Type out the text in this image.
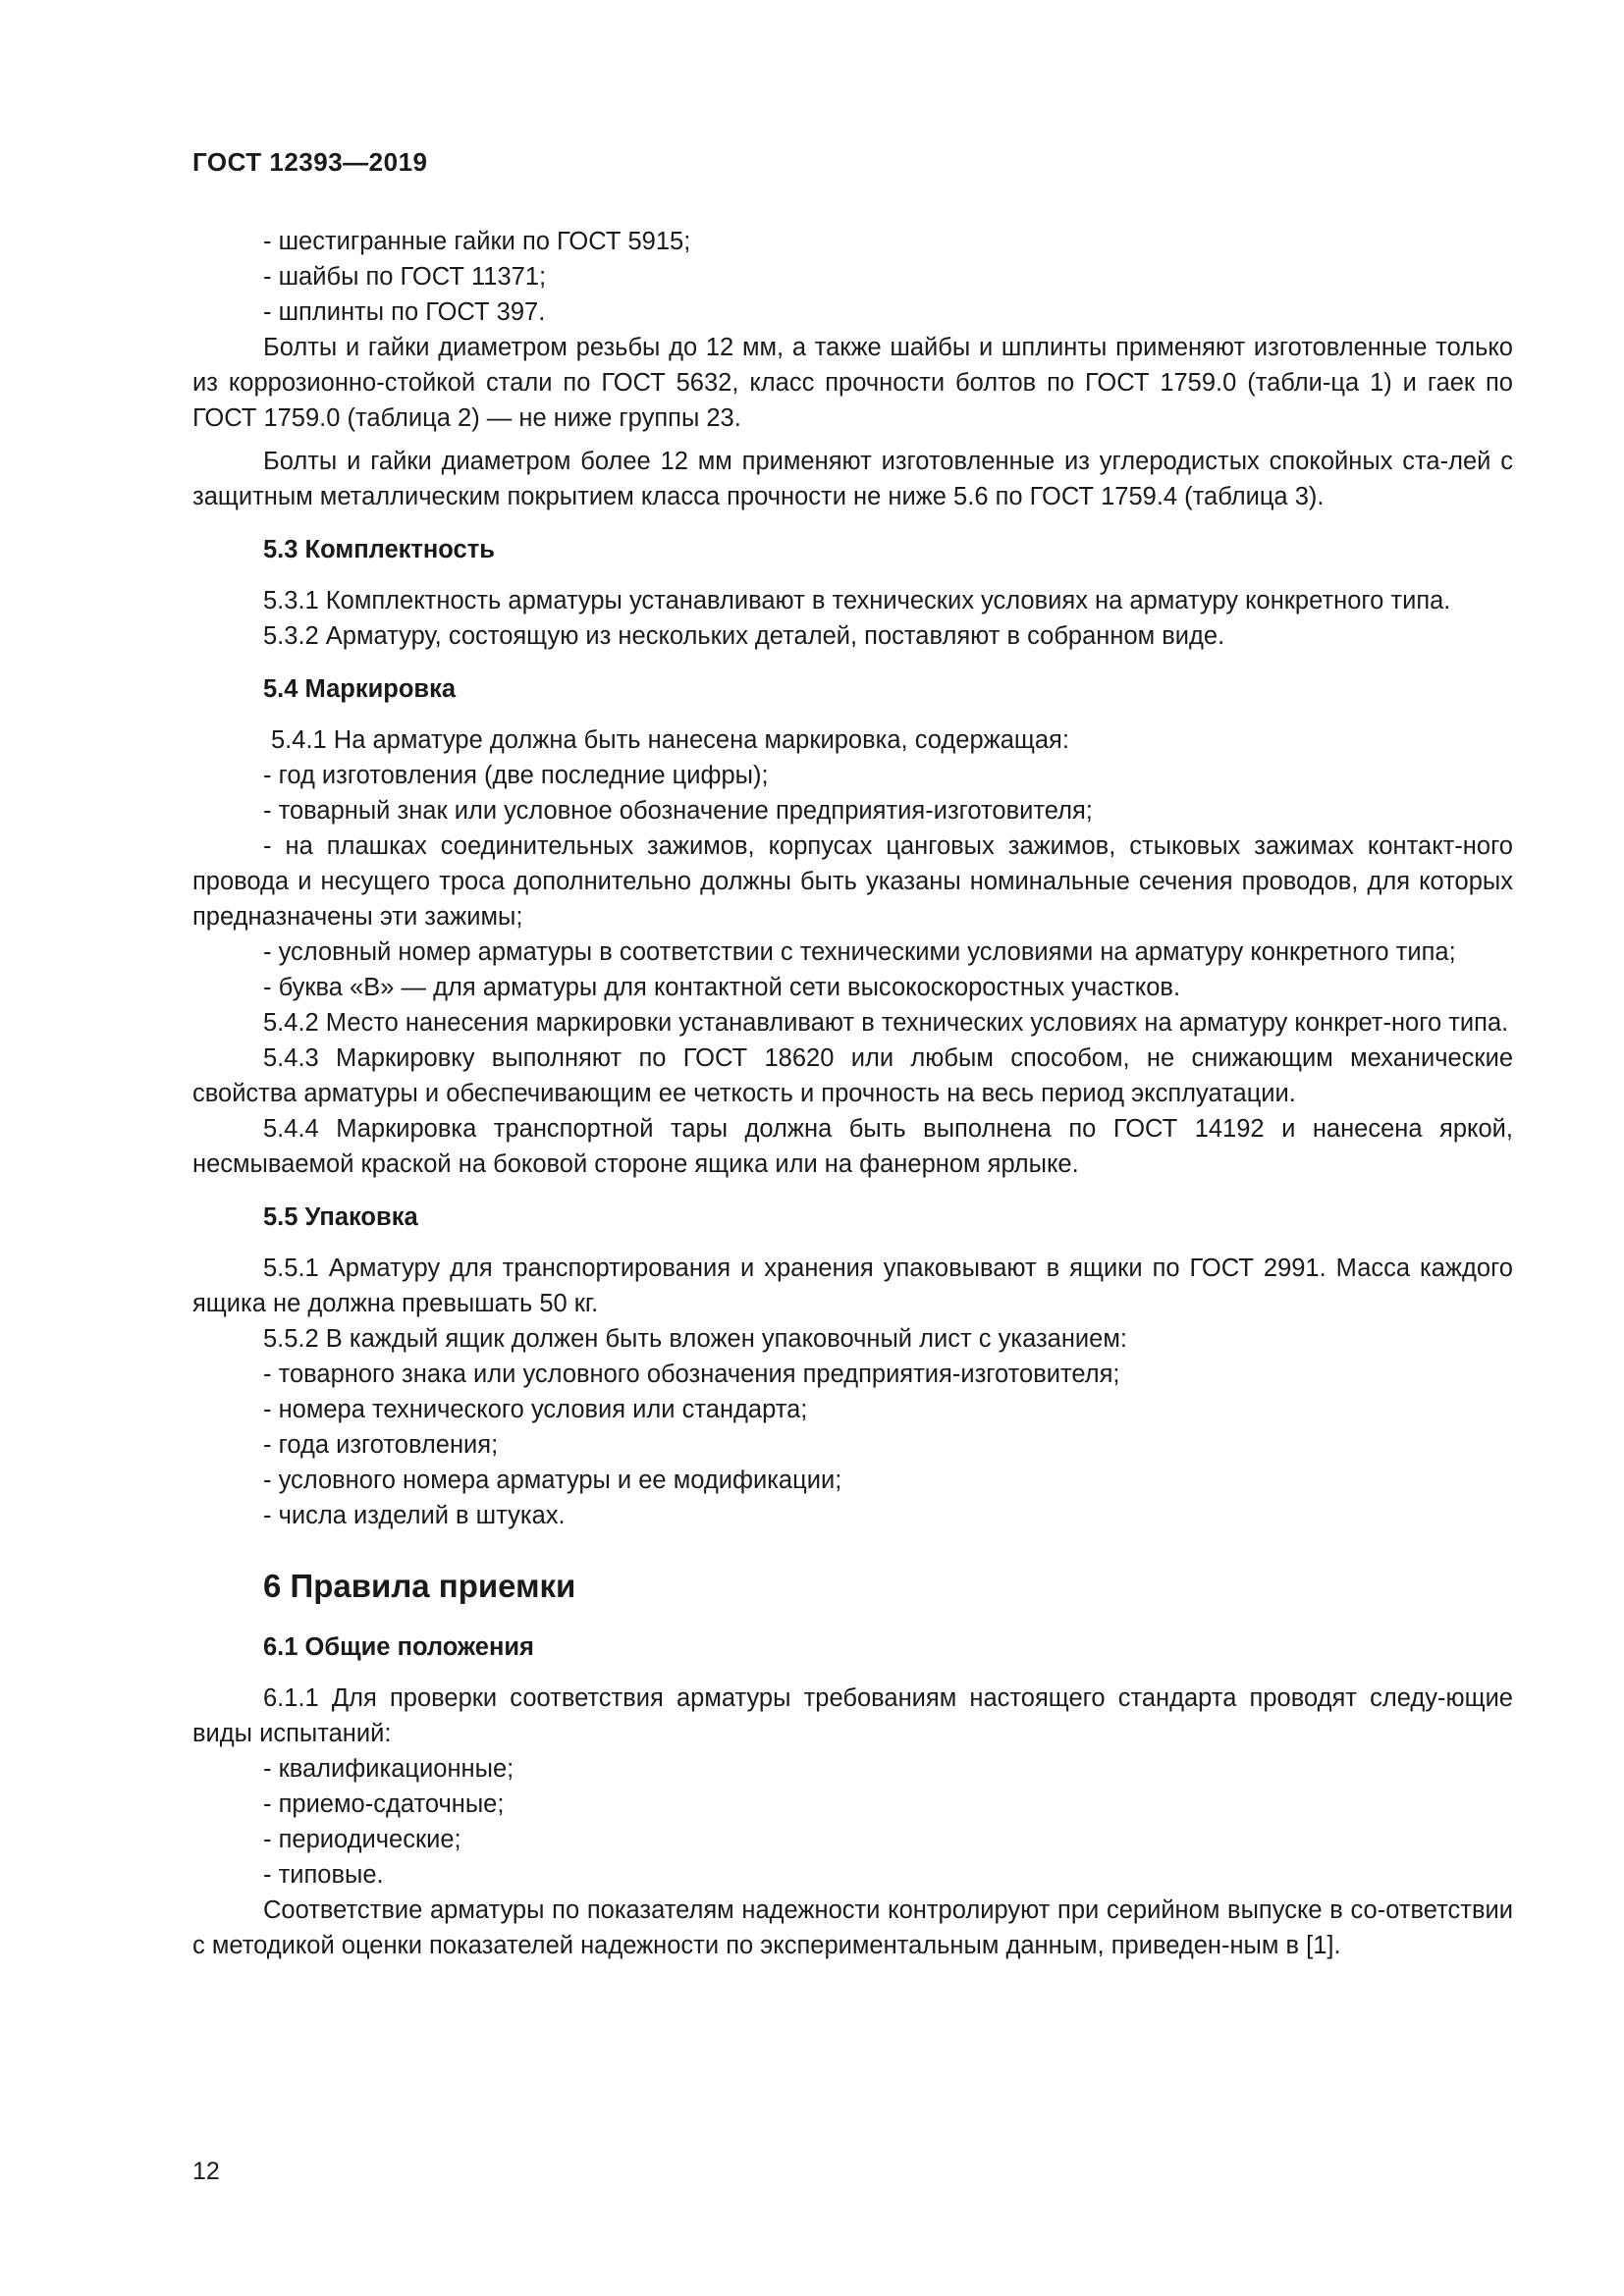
ГОСТ 12393—2019

- шестигранные гайки по ГОСТ 5915;

- шайбы по ГОСТ 11371;

- шплинты по ГОСТ 397.

Болты и гайки диаметром резьбы до 12 мм, а также шайбы и шплинты применяют изготовленные только из коррозионно-стойкой стали по ГОСТ 5632, класс прочности болтов по ГОСТ 1759.0 (табли-ца 1) и гаек по ГОСТ 1759.0 (таблица 2) — не ниже группы 23.

Болты и гайки диаметром более 12 мм применяют изготовленные из углеродистых спокойных ста-лей с защитным металлическим покрытием класса прочности не ниже 5.6 по ГОСТ 1759.4 (таблица 3).

5.3 Комплектность

5.3.1 Комплектность арматуры устанавливают в технических условиях на арматуру конкретного типа.

5.3.2 Арматуру, состоящую из нескольких деталей, поставляют в собранном виде.

5.4 Маркировка

5.4.1 На арматуре должна быть нанесена маркировка, содержащая:

- год изготовления (две последние цифры);

- товарный знак или условное обозначение предприятия-изготовителя;

- на плашках соединительных зажимов, корпусах цанговых зажимов, стыковых зажимах контакт-ного провода и несущего троса дополнительно должны быть указаны номинальные сечения проводов, для которых предназначены эти зажимы;

- условный номер арматуры в соответствии с техническими условиями на арматуру конкретного типа;

- буква «В» — для арматуры для контактной сети высокоскоростных участков.

5.4.2 Место нанесения маркировки устанавливают в технических условиях на арматуру конкрет-ного типа.

5.4.3 Маркировку выполняют по ГОСТ 18620 или любым способом, не снижающим механические свойства арматуры и обеспечивающим ее четкость и прочность на весь период эксплуатации.

5.4.4 Маркировка транспортной тары должна быть выполнена по ГОСТ 14192 и нанесена яркой, несмываемой краской на боковой стороне ящика или на фанерном ярлыке.

5.5 Упаковка

5.5.1 Арматуру для транспортирования и хранения упаковывают в ящики по ГОСТ 2991. Масса каждого ящика не должна превышать 50 кг.

5.5.2 В каждый ящик должен быть вложен упаковочный лист с указанием:

- товарного знака или условного обозначения предприятия-изготовителя;

- номера технического условия или стандарта;

- года изготовления;

- условного номера арматуры и ее модификации;

- числа изделий в штуках.

6 Правила приемки

6.1 Общие положения

6.1.1 Для проверки соответствия арматуры требованиям настоящего стандарта проводят следу-ющие виды испытаний:

- квалификационные;

- приемо-сдаточные;

- периодические;

- типовые.

Соответствие арматуры по показателям надежности контролируют при серийном выпуске в со-ответствии с методикой оценки показателей надежности по экспериментальным данным, приведен-ным в [1].

12
